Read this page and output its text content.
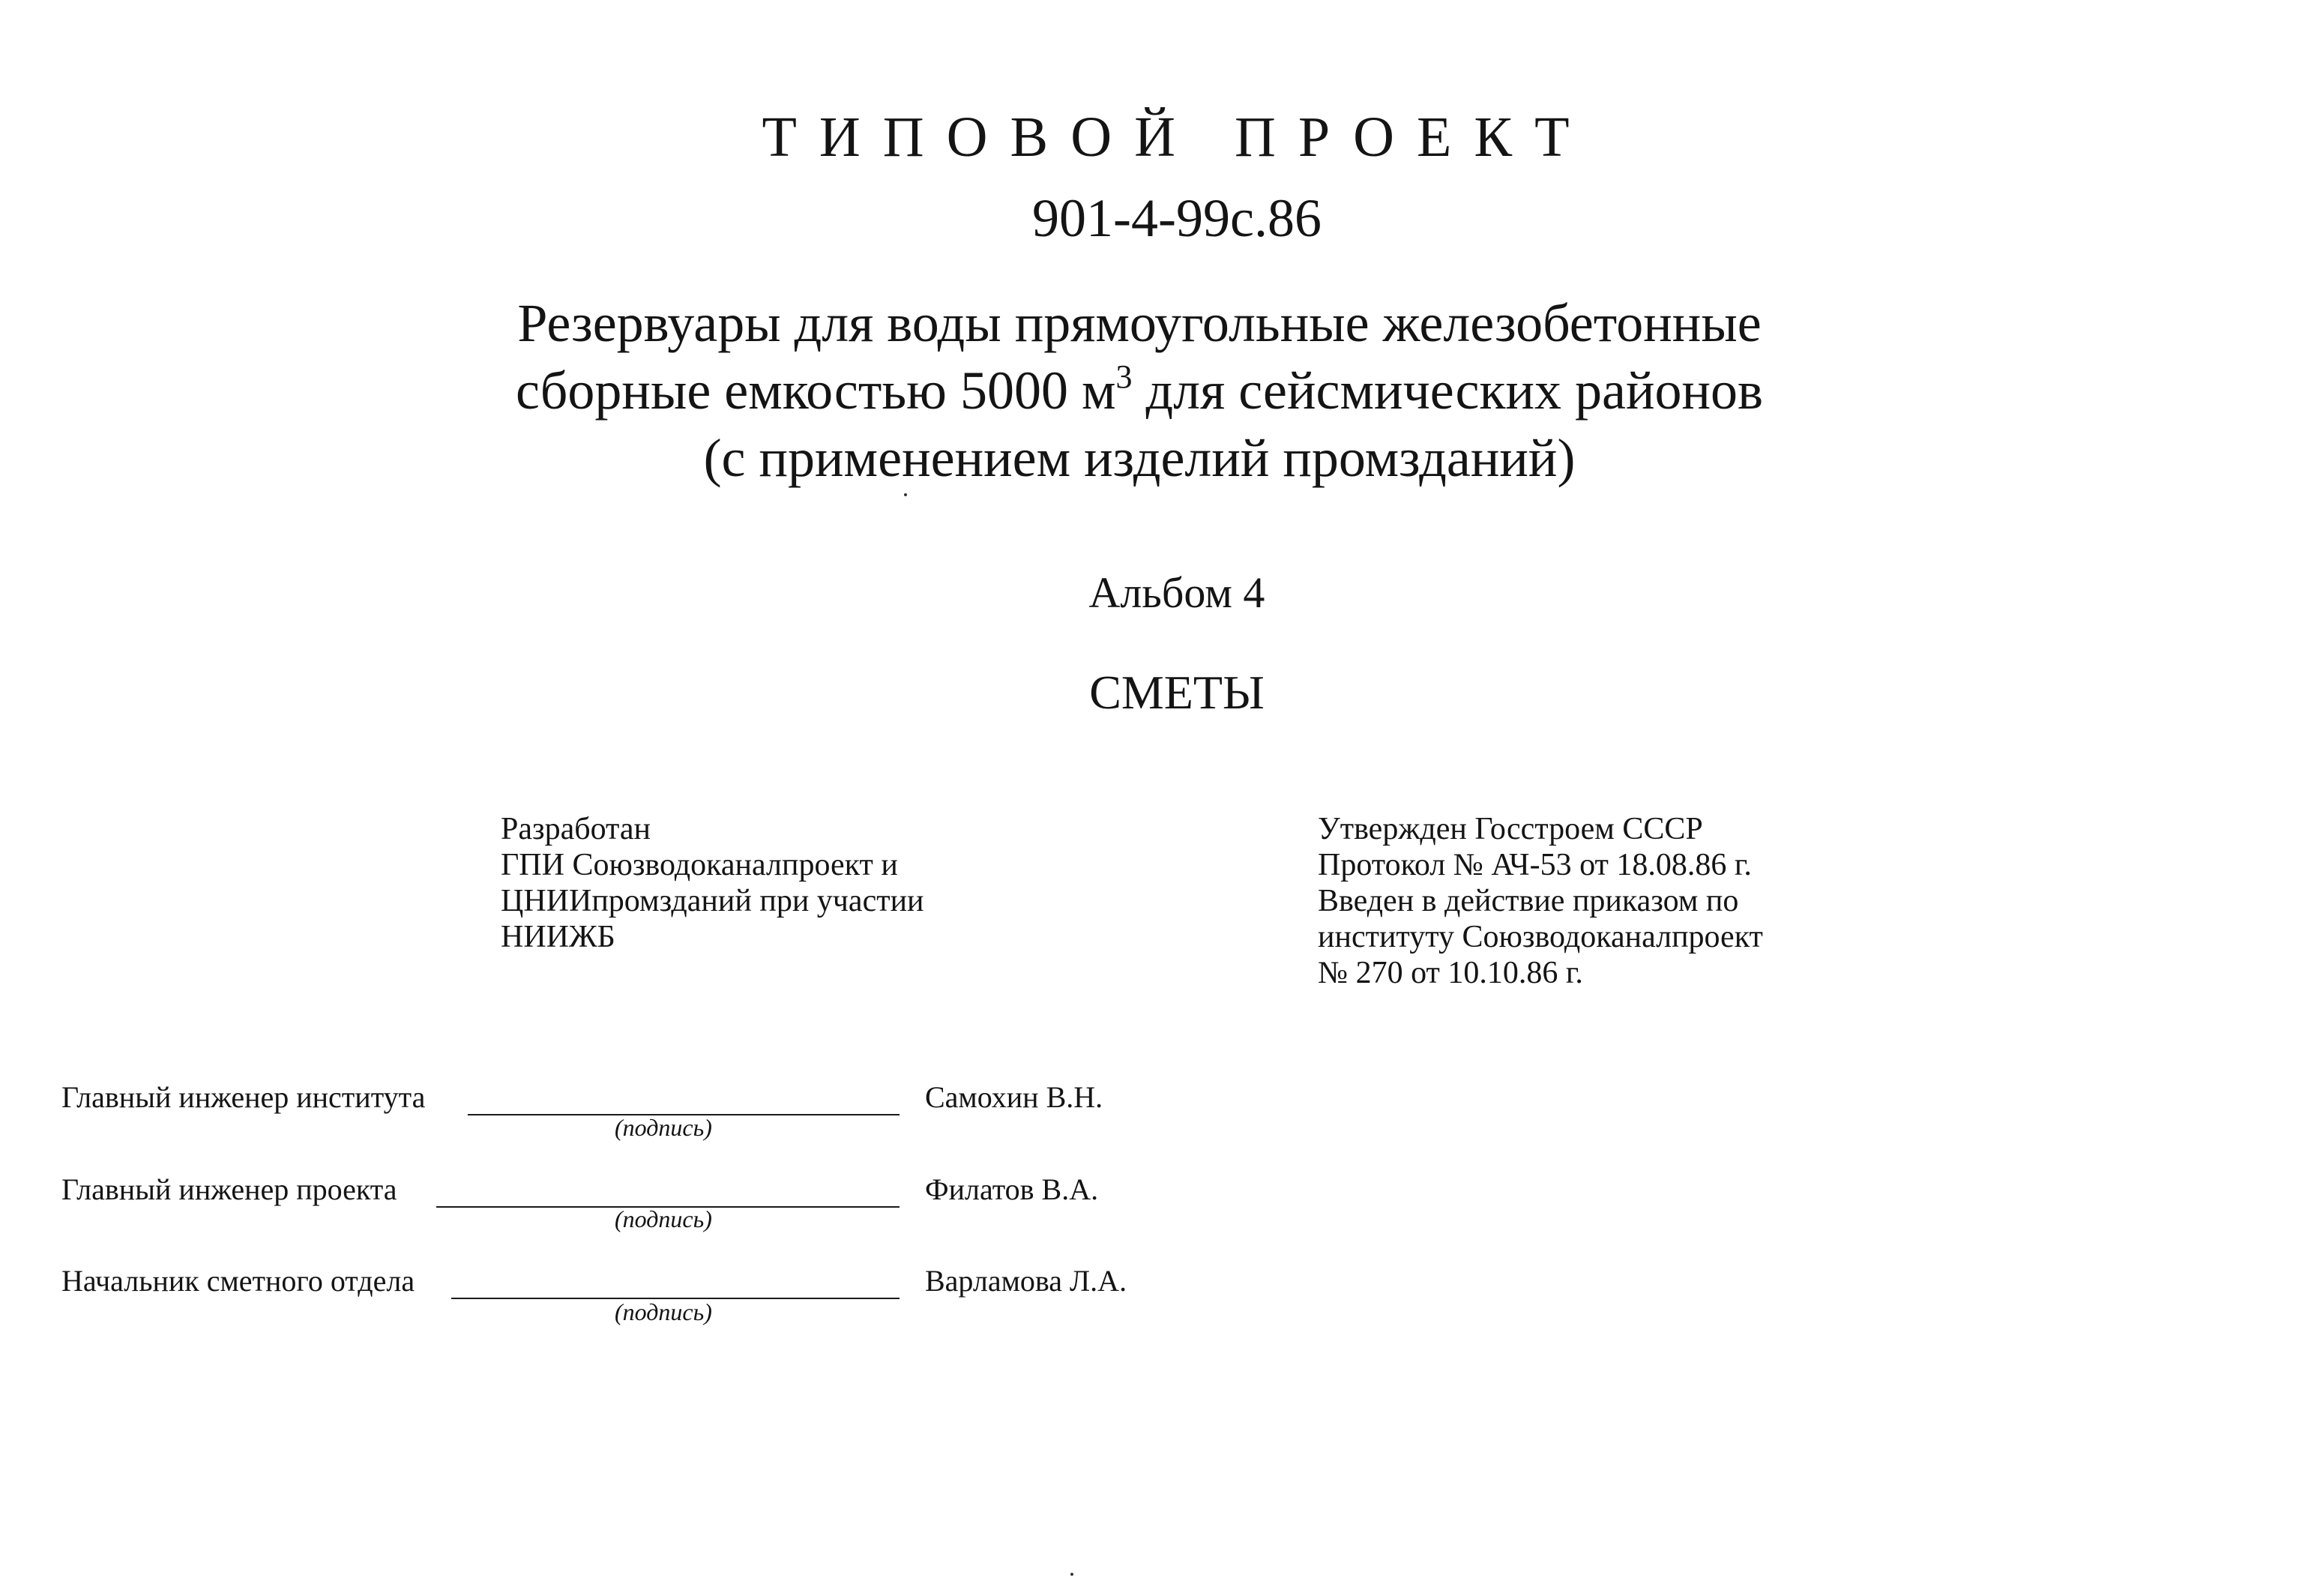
ТИПОВОЙ ПРОЕКТ
901-4-99с.86
Резервуары для воды прямоугольные железобетонные
сборные емкостью 5000 $м^3$ для сейсмических районов
(с применением изделий промзданий)
Альбом 4
СМЕТЫ
Разработан
ГПИ Союзводоканалпроект и
ЦНИИпромзданий при участии
НИИЖБ
Утвержден Госстроем СССР
Протокол № АЧ-53 от 18.08.86 г.
Введен в действие приказом по
институту Союзводоканалпроект
№ 270 от 10.10.86 г.
Главный инженер института	Самохин В.Н.
(подпись)
Главный инженер проекта	Филатов В.А.
(подпись)
Начальник сметного отдела	Варламова Л.А.
(подпись)
